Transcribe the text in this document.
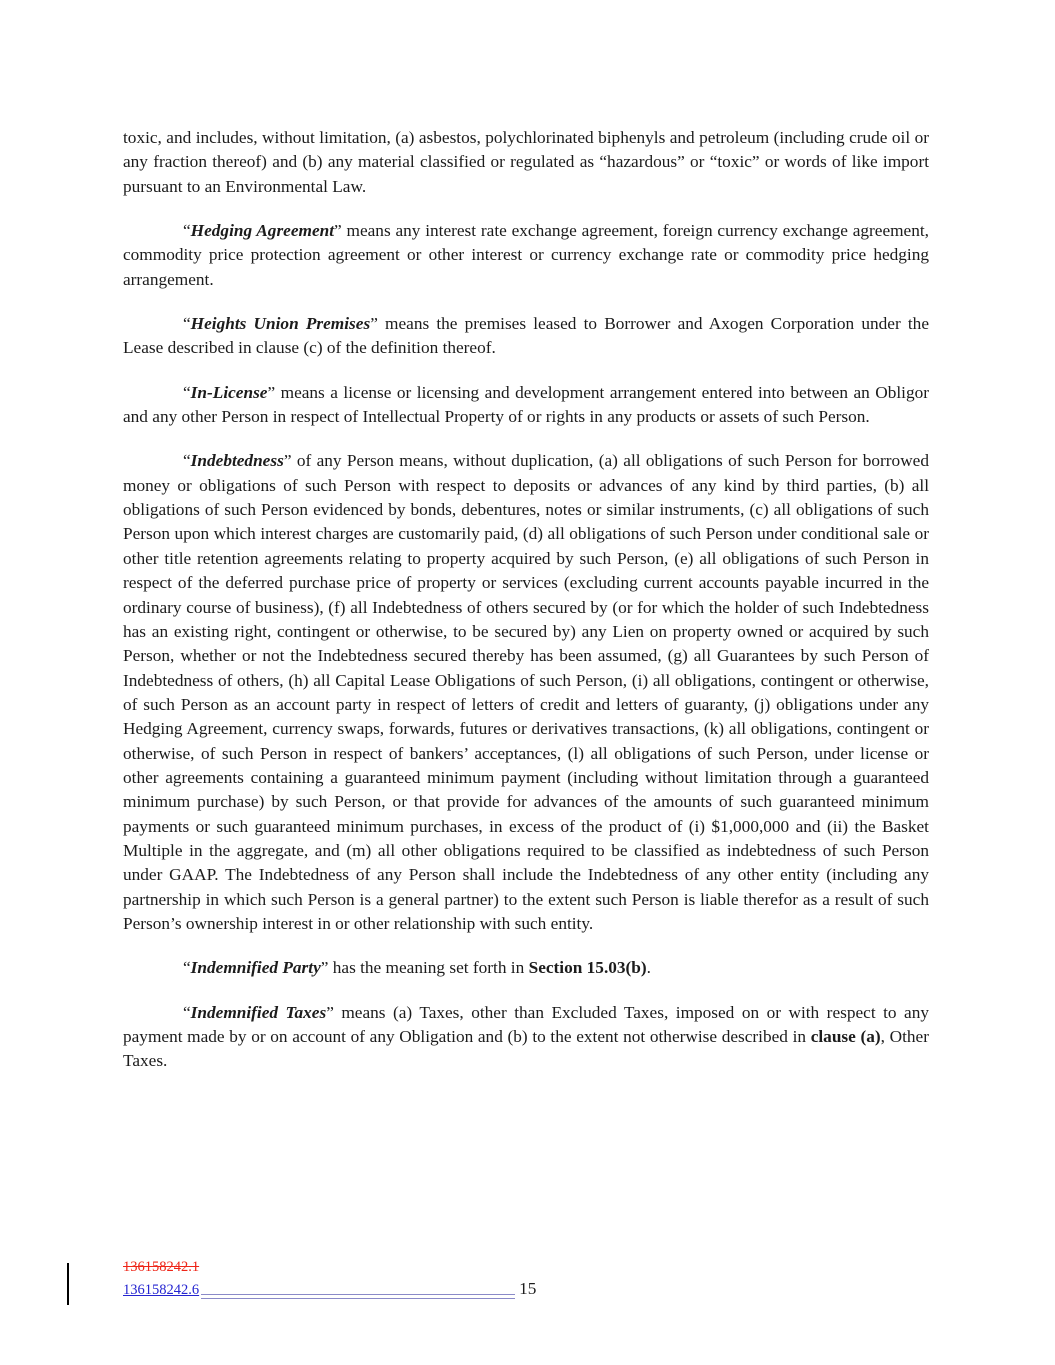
toxic, and includes, without limitation, (a) asbestos, polychlorinated biphenyls and petroleum (including crude oil or any fraction thereof) and (b) any material classified or regulated as “hazardous” or “toxic” or words of like import pursuant to an Environmental Law.

“Hedging Agreement” means any interest rate exchange agreement, foreign currency exchange agreement, commodity price protection agreement or other interest or currency exchange rate or commodity price hedging arrangement.

“Heights Union Premises” means the premises leased to Borrower and Axogen Corporation under the Lease described in clause (c) of the definition thereof.

“In-License” means a license or licensing and development arrangement entered into between an Obligor and any other Person in respect of Intellectual Property of or rights in any products or assets of such Person.

“Indebtedness” of any Person means, without duplication, (a) all obligations of such Person for borrowed money or obligations of such Person with respect to deposits or advances of any kind by third parties, (b) all obligations of such Person evidenced by bonds, debentures, notes or similar instruments, (c) all obligations of such Person upon which interest charges are customarily paid, (d) all obligations of such Person under conditional sale or other title retention agreements relating to property acquired by such Person, (e) all obligations of such Person in respect of the deferred purchase price of property or services (excluding current accounts payable incurred in the ordinary course of business), (f) all Indebtedness of others secured by (or for which the holder of such Indebtedness has an existing right, contingent or otherwise, to be secured by) any Lien on property owned or acquired by such Person, whether or not the Indebtedness secured thereby has been assumed, (g) all Guarantees by such Person of Indebtedness of others, (h) all Capital Lease Obligations of such Person, (i) all obligations, contingent or otherwise, of such Person as an account party in respect of letters of credit and letters of guaranty, (j) obligations under any Hedging Agreement, currency swaps, forwards, futures or derivatives transactions, (k) all obligations, contingent or otherwise, of such Person in respect of bankers’ acceptances, (l) all obligations of such Person, under license or other agreements containing a guaranteed minimum payment (including without limitation through a guaranteed minimum purchase) by such Person, or that provide for advances of the amounts of such guaranteed minimum payments or such guaranteed minimum purchases, in excess of the product of (i) $1,000,000 and (ii) the Basket Multiple in the aggregate, and (m) all other obligations required to be classified as indebtedness of such Person under GAAP. The Indebtedness of any Person shall include the Indebtedness of any other entity (including any partnership in which such Person is a general partner) to the extent such Person is liable therefor as a result of such Person’s ownership interest in or other relationship with such entity.

“Indemnified Party” has the meaning set forth in Section 15.03(b).

“Indemnified Taxes” means (a) Taxes, other than Excluded Taxes, imposed on or with respect to any payment made by or on account of any Obligation and (b) to the extent not otherwise described in clause (a), Other Taxes.

136158242.1
136158242.6	15
